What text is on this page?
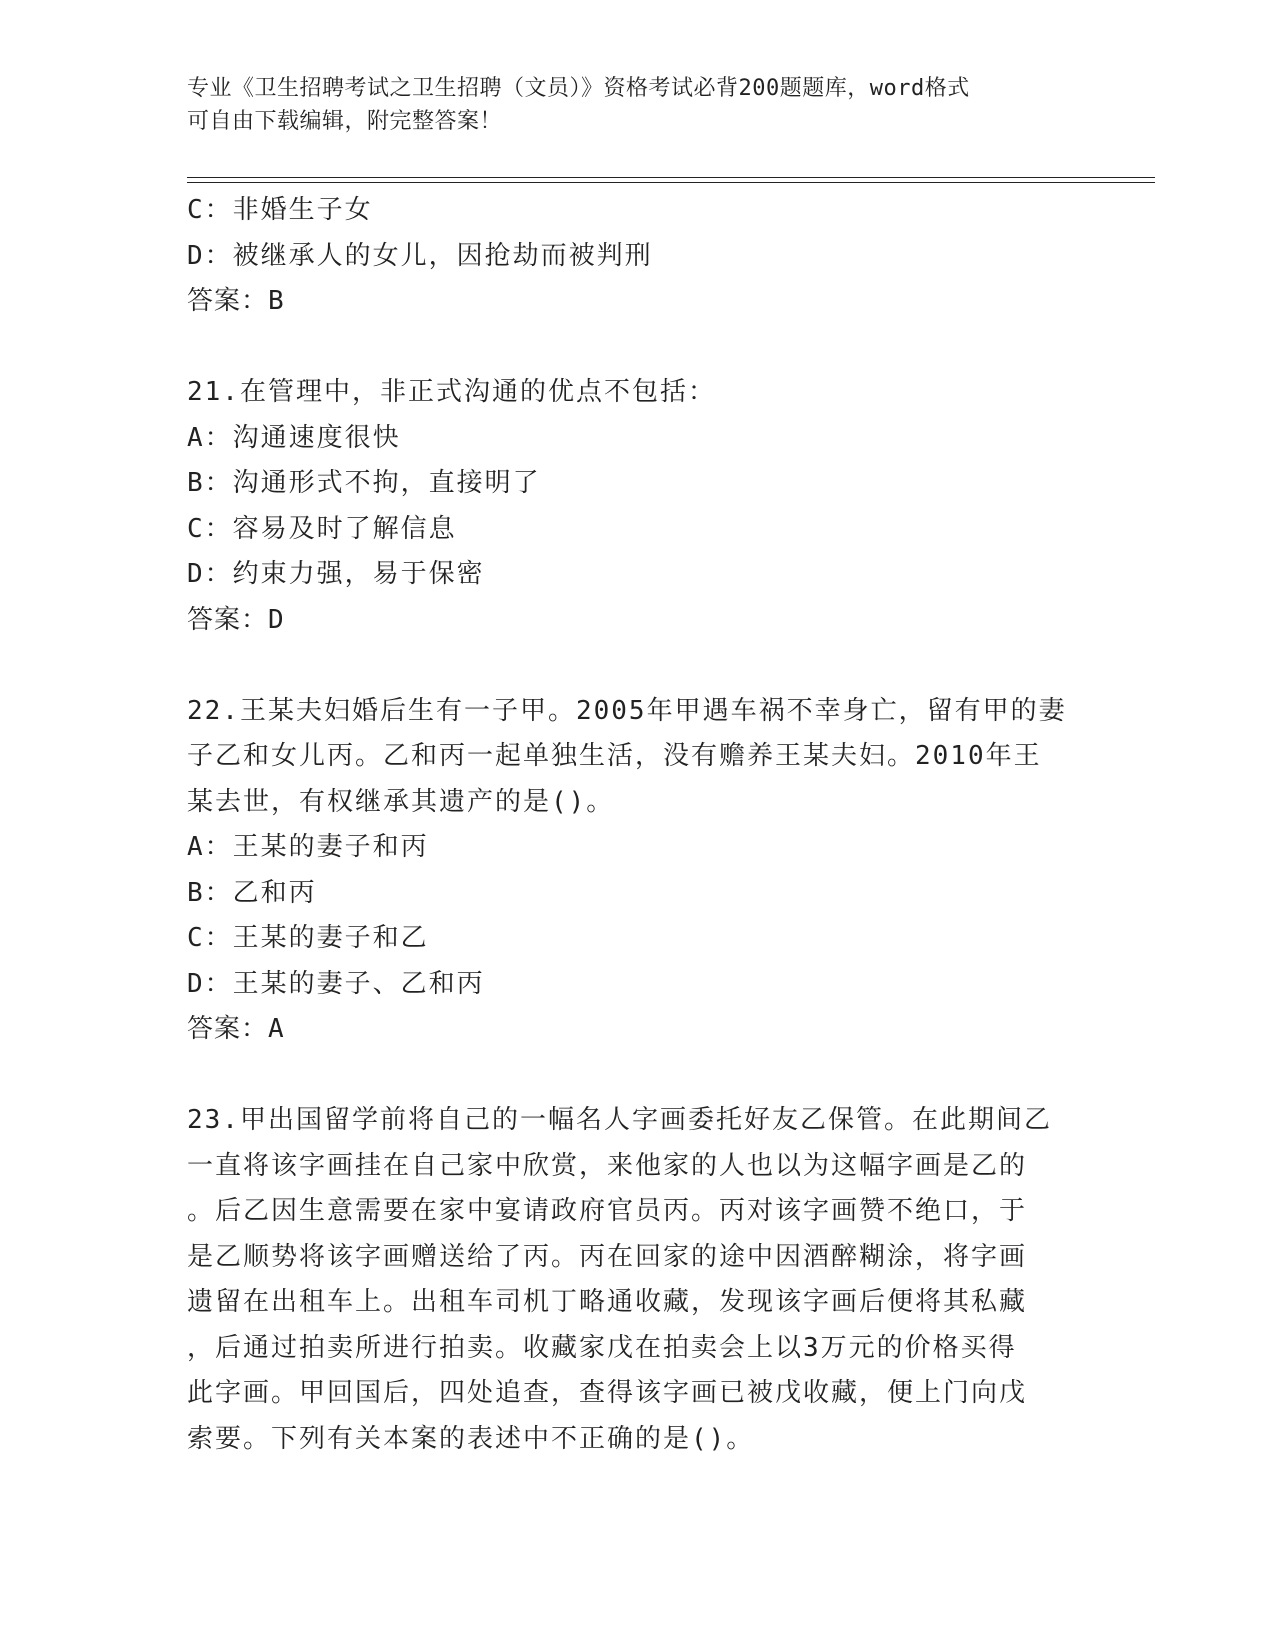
专业《卫生招聘考试之卫生招聘（文员）》资格考试必背200题题库，word格式
可自由下载编辑，附完整答案！
C：非婚生子女
D：被继承人的女儿，因抢劫而被判刑
答案：B
21.在管理中，非正式沟通的优点不包括：
A：沟通速度很快
B：沟通形式不拘，直接明了
C：容易及时了解信息
D：约束力强，易于保密
答案：D
22.王某夫妇婚后生有一子甲。2005年甲遇车祸不幸身亡，留有甲的妻
子乙和女儿丙。乙和丙一起单独生活，没有赡养王某夫妇。2010年王
某去世，有权继承其遗产的是()。
A：王某的妻子和丙
B：乙和丙
C：王某的妻子和乙
D：王某的妻子、乙和丙
答案：A
23.甲出国留学前将自己的一幅名人字画委托好友乙保管。在此期间乙
一直将该字画挂在自己家中欣赏，来他家的人也以为这幅字画是乙的
。后乙因生意需要在家中宴请政府官员丙。丙对该字画赞不绝口，于
是乙顺势将该字画赠送给了丙。丙在回家的途中因酒醉糊涂，将字画
遗留在出租车上。出租车司机丁略通收藏，发现该字画后便将其私藏
，后通过拍卖所进行拍卖。收藏家戊在拍卖会上以3万元的价格买得
此字画。甲回国后，四处追查，查得该字画已被戊收藏，便上门向戊
索要。下列有关本案的表述中不正确的是()。
